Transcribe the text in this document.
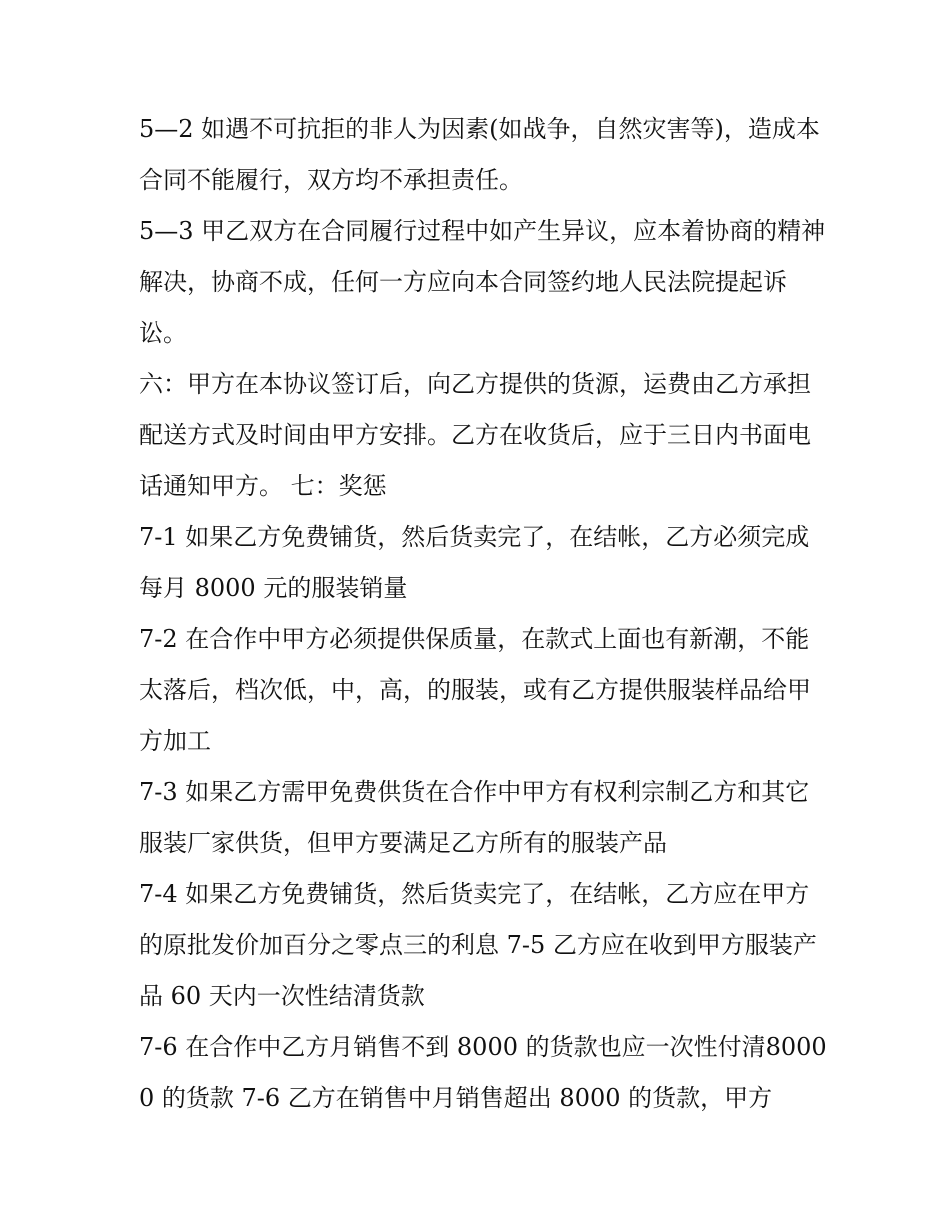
5—2 如遇不可抗拒的非人为因素(如战争，自然灾害等)，造成本合同不能履行，双方均不承担责任。

5—3 甲乙双方在合同履行过程中如产生异议，应本着协商的精神解决，协商不成，任何一方应向本合同签约地人民法院提起诉讼。

六：甲方在本协议签订后，向乙方提供的货源，运费由乙方承担配送方式及时间由甲方安排。乙方在收货后，应于三日内书面电话通知甲方。 七：奖惩

7-1 如果乙方免费铺货，然后货卖完了，在结帐，乙方必须完成每月 8000 元的服装销量

7-2 在合作中甲方必须提供保质量，在款式上面也有新潮，不能太落后，档次低，中，高，的服装，或有乙方提供服装样品给甲方加工

7-3 如果乙方需甲免费供货在合作中甲方有权利宗制乙方和其它服装厂家供货，但甲方要满足乙方所有的服装产品

7-4 如果乙方免费铺货，然后货卖完了，在结帐，乙方应在甲方的原批发价加百分之零点三的利息 7-5 乙方应在收到甲方服装产品 60 天内一次性结清货款

7-6 在合作中乙方月销售不到 8000 的货款也应一次性付清80000 的货款 7-6 乙方在销售中月销售超出 8000 的货款，甲方
